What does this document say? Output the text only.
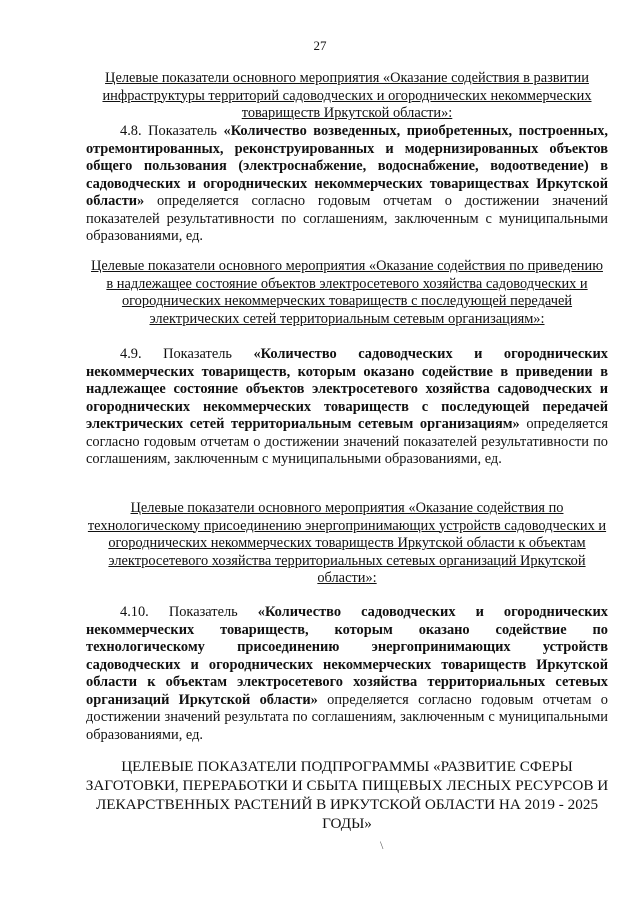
27
Целевые показатели основного мероприятия «Оказание содействия в развитии инфраструктуры территорий садоводческих и огороднических некоммерческих товариществ Иркутской области»:
4.8. Показатель «Количество возведенных, приобретенных, построенных, отремонтированных, реконструированных и модернизированных объектов общего пользования (электроснабжение, водоснабжение, водоотведение) в садоводческих и огороднических некоммерческих товариществах Иркутской области» определяется согласно годовым отчетам о достижении значений показателей результативности по соглашениям, заключенным с муниципальными образованиями, ед.
Целевые показатели основного мероприятия «Оказание содействия по приведению в надлежащее состояние объектов электросетевого хозяйства садоводческих и огороднических некоммерческих товариществ с последующей передачей электрических сетей территориальным сетевым организациям»:
4.9. Показатель «Количество садоводческих и огороднических некоммерческих товариществ, которым оказано содействие в приведении в надлежащее состояние объектов электросетевого хозяйства садоводческих и огороднических некоммерческих товариществ с последующей передачей электрических сетей территориальным сетевым организациям» определяется согласно годовым отчетам о достижении значений показателей результативности по соглашениям, заключенным с муниципальными образованиями, ед.
Целевые показатели основного мероприятия «Оказание содействия по технологическому присоединению энергопринимающих устройств садоводческих и огороднических некоммерческих товариществ Иркутской области к объектам электросетевого хозяйства территориальных сетевых организаций Иркутской области»:
4.10. Показатель «Количество садоводческих и огороднических некоммерческих товариществ, которым оказано содействие по технологическому присоединению энергопринимающих устройств садоводческих и огороднических некоммерческих товариществ Иркутской области к объектам электросетевого хозяйства территориальных сетевых организаций Иркутской области» определяется согласно годовым отчетам о достижении значений результата по соглашениям, заключенным с муниципальными образованиями, ед.
ЦЕЛЕВЫЕ ПОКАЗАТЕЛИ ПОДПРОГРАММЫ «РАЗВИТИЕ СФЕРЫ ЗАГОТОВКИ, ПЕРЕРАБОТКИ И СБЫТА ПИЩЕВЫХ ЛЕСНЫХ РЕСУРСОВ И ЛЕКАРСТВЕННЫХ РАСТЕНИЙ В ИРКУТСКОЙ ОБЛАСТИ НА 2019 - 2025 ГОДЫ»
\
